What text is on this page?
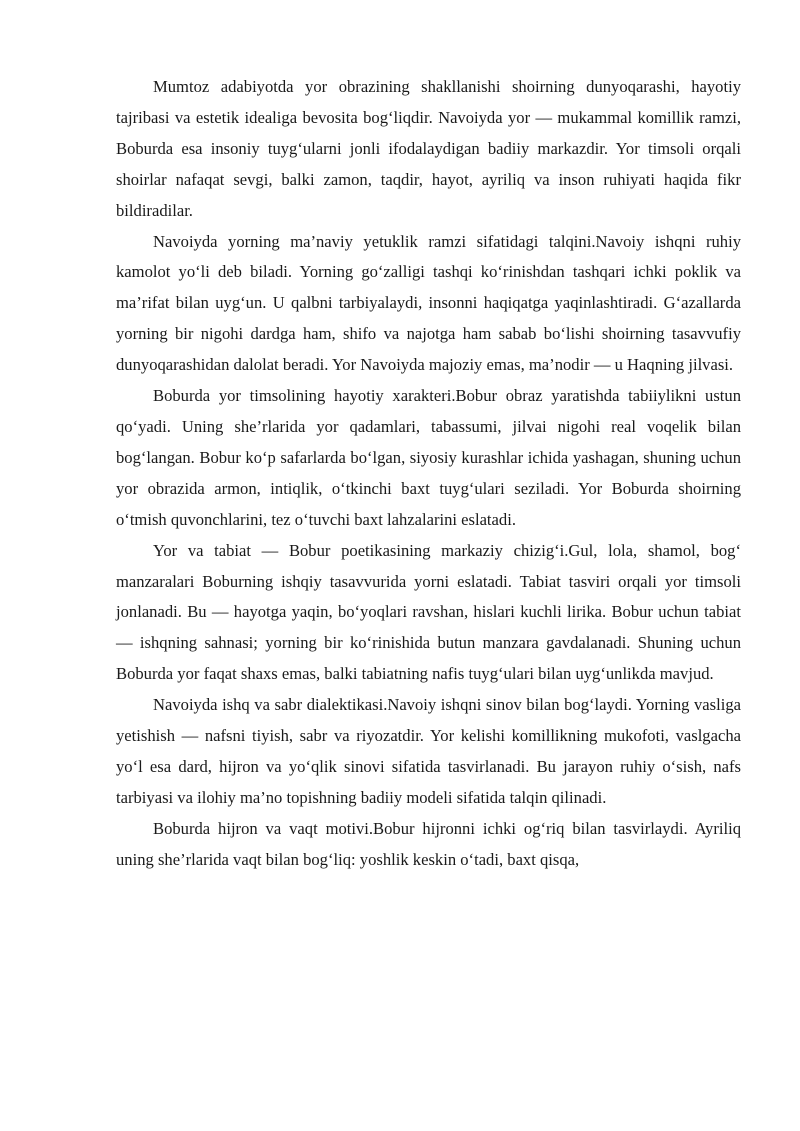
Mumtoz adabiyotda yor obrazining shakllanishi shoirning dunyoqarashi, hayotiy tajribasi va estetik idealiga bevosita bog‘liqdir. Navoiyda yor — mukammal komillik ramzi, Boburda esa insoniy tuyg‘ularni jonli ifodalaydigan badiiy markazdir. Yor timsoli orqali shoirlar nafaqat sevgi, balki zamon, taqdir, hayot, ayriliq va inson ruhiyati haqida fikr bildiradilar.

Navoiyda yorning ma’naviy yetuklik ramzi sifatidagi talqini.Navoiy ishqni ruhiy kamolot yo‘li deb biladi. Yorning go‘zalligi tashqi ko‘rinishdan tashqari ichki poklik va ma’rifat bilan uyg‘un. U qalbni tarbiyalaydi, insonni haqiqatga yaqinlashtiradi. G‘azallarda yorning bir nigohi dardga ham, shifo va najotga ham sabab bo‘lishi shoirning tasavvufiy dunyoqarashidan dalolat beradi. Yor Navoiyda majoziy emas, ma’nodir — u Haqning jilvasi.

Boburda yor timsolining hayotiy xarakteri.Bobur obraz yaratishda tabiiylikni ustun qo‘yadi. Uning she’rlarida yor qadamlari, tabassumi, jilvai nigohi real voqelik bilan bog‘langan. Bobur ko‘p safarlarda bo‘lgan, siyosiy kurashlar ichida yashagan, shuning uchun yor obrazida armon, intiqlik, o‘tkinchi baxt tuyg‘ulari seziladi. Yor Boburda shoirning o‘tmish quvonchlarini, tez o‘tuvchi baxt lahzalarini eslatadi.

Yor va tabiat — Bobur poetikasining markaziy chizig‘i.Gul, lola, shamol, bog‘ manzaralari Boburning ishqiy tasavvurida yorni eslatadi. Tabiat tasviri orqali yor timsoli jonlanadi. Bu — hayotga yaqin, bo‘yoqlari ravshan, hislari kuchli lirika. Bobur uchun tabiat — ishqning sahnasi; yorning bir ko‘rinishida butun manzara gavdalanadi. Shuning uchun Boburda yor faqat shaxs emas, balki tabiatning nafis tuyg‘ulari bilan uyg‘unlikda mavjud.

Navoiyda ishq va sabr dialektikasi.Navoiy ishqni sinov bilan bog‘laydi. Yorning vasliga yetishish — nafsni tiyish, sabr va riyozatdir. Yor kelishi komillikning mukofoti, vaslgacha yo‘l esa dard, hijron va yo‘qlik sinovi sifatida tasvirlanadi. Bu jarayon ruhiy o‘sish, nafs tarbiyasi va ilohiy ma’no topishning badiiy modeli sifatida talqin qilinadi.

Boburda hijron va vaqt motivi.Bobur hijronni ichki og‘riq bilan tasvirlaydi. Ayriliq uning she’rlarida vaqt bilan bog‘liq: yoshlik keskin o‘tadi, baxt qisqa,
